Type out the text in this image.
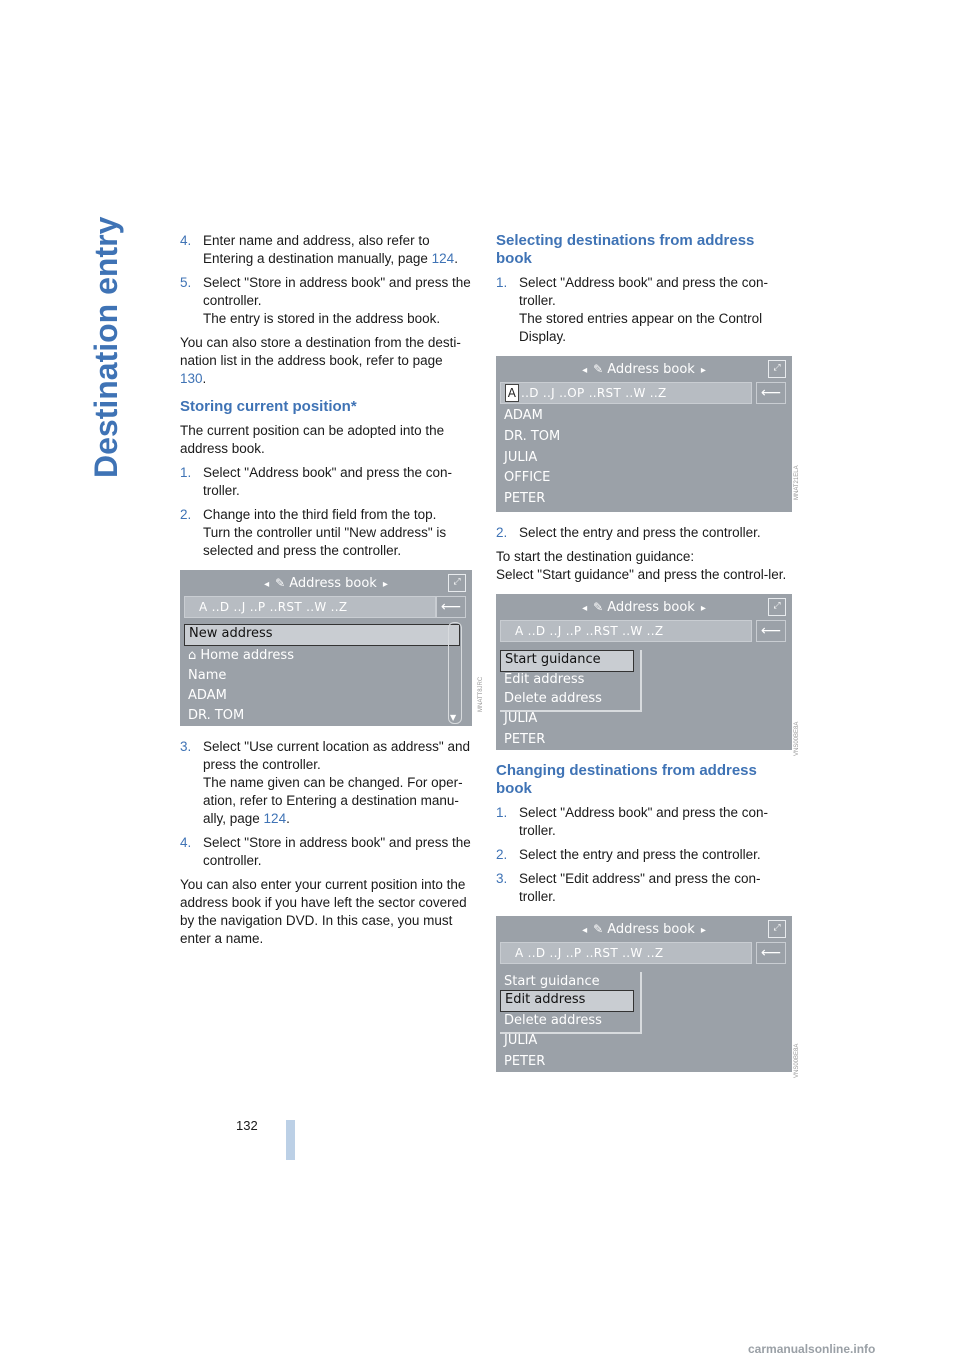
Destination entry	4. Enter name and address, also refer to Entering a destination manually, page 124.
5. Select "Store in address book" and press the controller.
The entry is stored in the address book.

You can also store a destination from the desti-nation list in the address book, refer to page 130.

Storing current position*

The current position can be adopted into the address book.

1. Select "Address book" and press the con-troller.
2. Change into the third field from the top.
Turn the controller until "New address" is selected and press the controller.
◂ ✎ Address book ▸	⤢
A ..D ..J ..P ..RST ..W ..Z	⟵
New address
⌂ Home address
Name
ADAM
DR. TOM	▼
3. Select "Use current location as address" and press the controller.
The name given can be changed. For oper-ation, refer to Entering a destination manu-ally, page 124.
4. Select "Store in address book" and press the controller.

You can also enter your current position into the address book if you have left the sector covered by the navigation DVD. In this case, you must enter a name.

Selecting destinations from address book
1. Select "Address book" and press the con-troller.
The stored entries appear on the Control Display.
◂ ✎ Address book ▸	⤢
A ..D ..J ..OP ..RST ..W ..Z	⟵
ADAM
DR. TOM
JULIA
OFFICE
PETER
2. Select the entry and press the controller.

To start the destination guidance:

Select "Start guidance" and press the control-ler.

◂ ✎ Address book ▸	⤢
A ..D ..J ..P ..RST ..W ..Z	⟵
Start guidance
Edit address
Delete address
JULIA
PETER
Changing destinations from address book
1. Select "Address book" and press the con-troller.
2. Select the entry and press the controller.
3. Select "Edit address" and press the con-troller.
◂ ✎ Address book ▸	⤢
A ..D ..J ..P ..RST ..W ..Z	⟵
Start guidance
Edit address
Delete address
JULIA
PETER
MNATT8JRC
MNAT21ELA
VNS00BE8A
VNS00BE8A
132
carmanualsonline.info
